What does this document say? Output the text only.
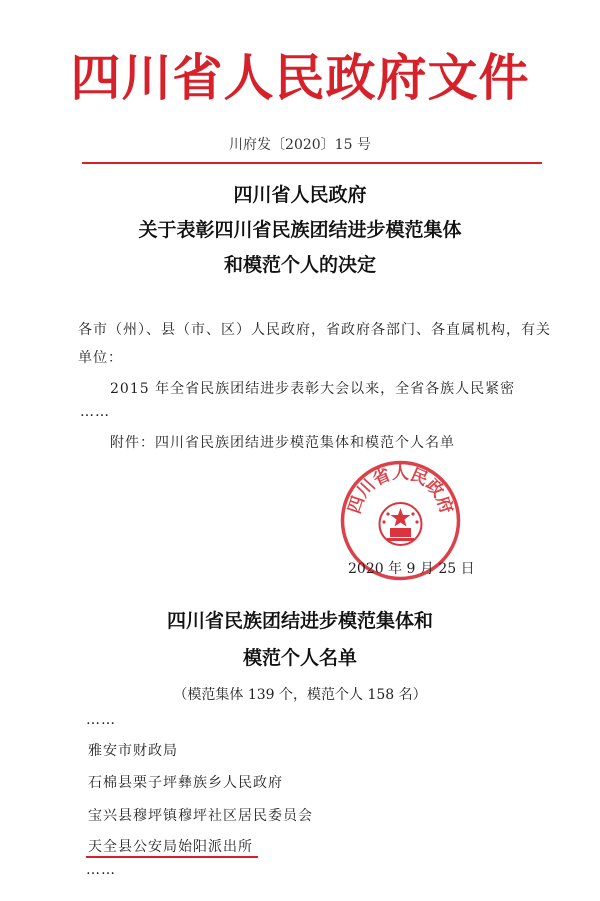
四川省人民政府文件
川府发〔2020〕15 号
四川省人民政府
关于表彰四川省民族团结进步模范集体
和模范个人的决定
各市（州）、县（市、区）人民政府，省政府各部门、各直属机构，有关
单位：
2015 年全省民族团结进步表彰大会以来，全省各族人民紧密
……
附件：四川省民族团结进步模范集体和模范个人名单
四川省人民政府
2020 年 9 月 25 日
四川省民族团结进步模范集体和
模范个人名单
（模范集体 139 个，模范个人 158 名）
……
雅安市财政局
石棉县栗子坪彝族乡人民政府
宝兴县穆坪镇穆坪社区居民委员会
天全县公安局始阳派出所
……
